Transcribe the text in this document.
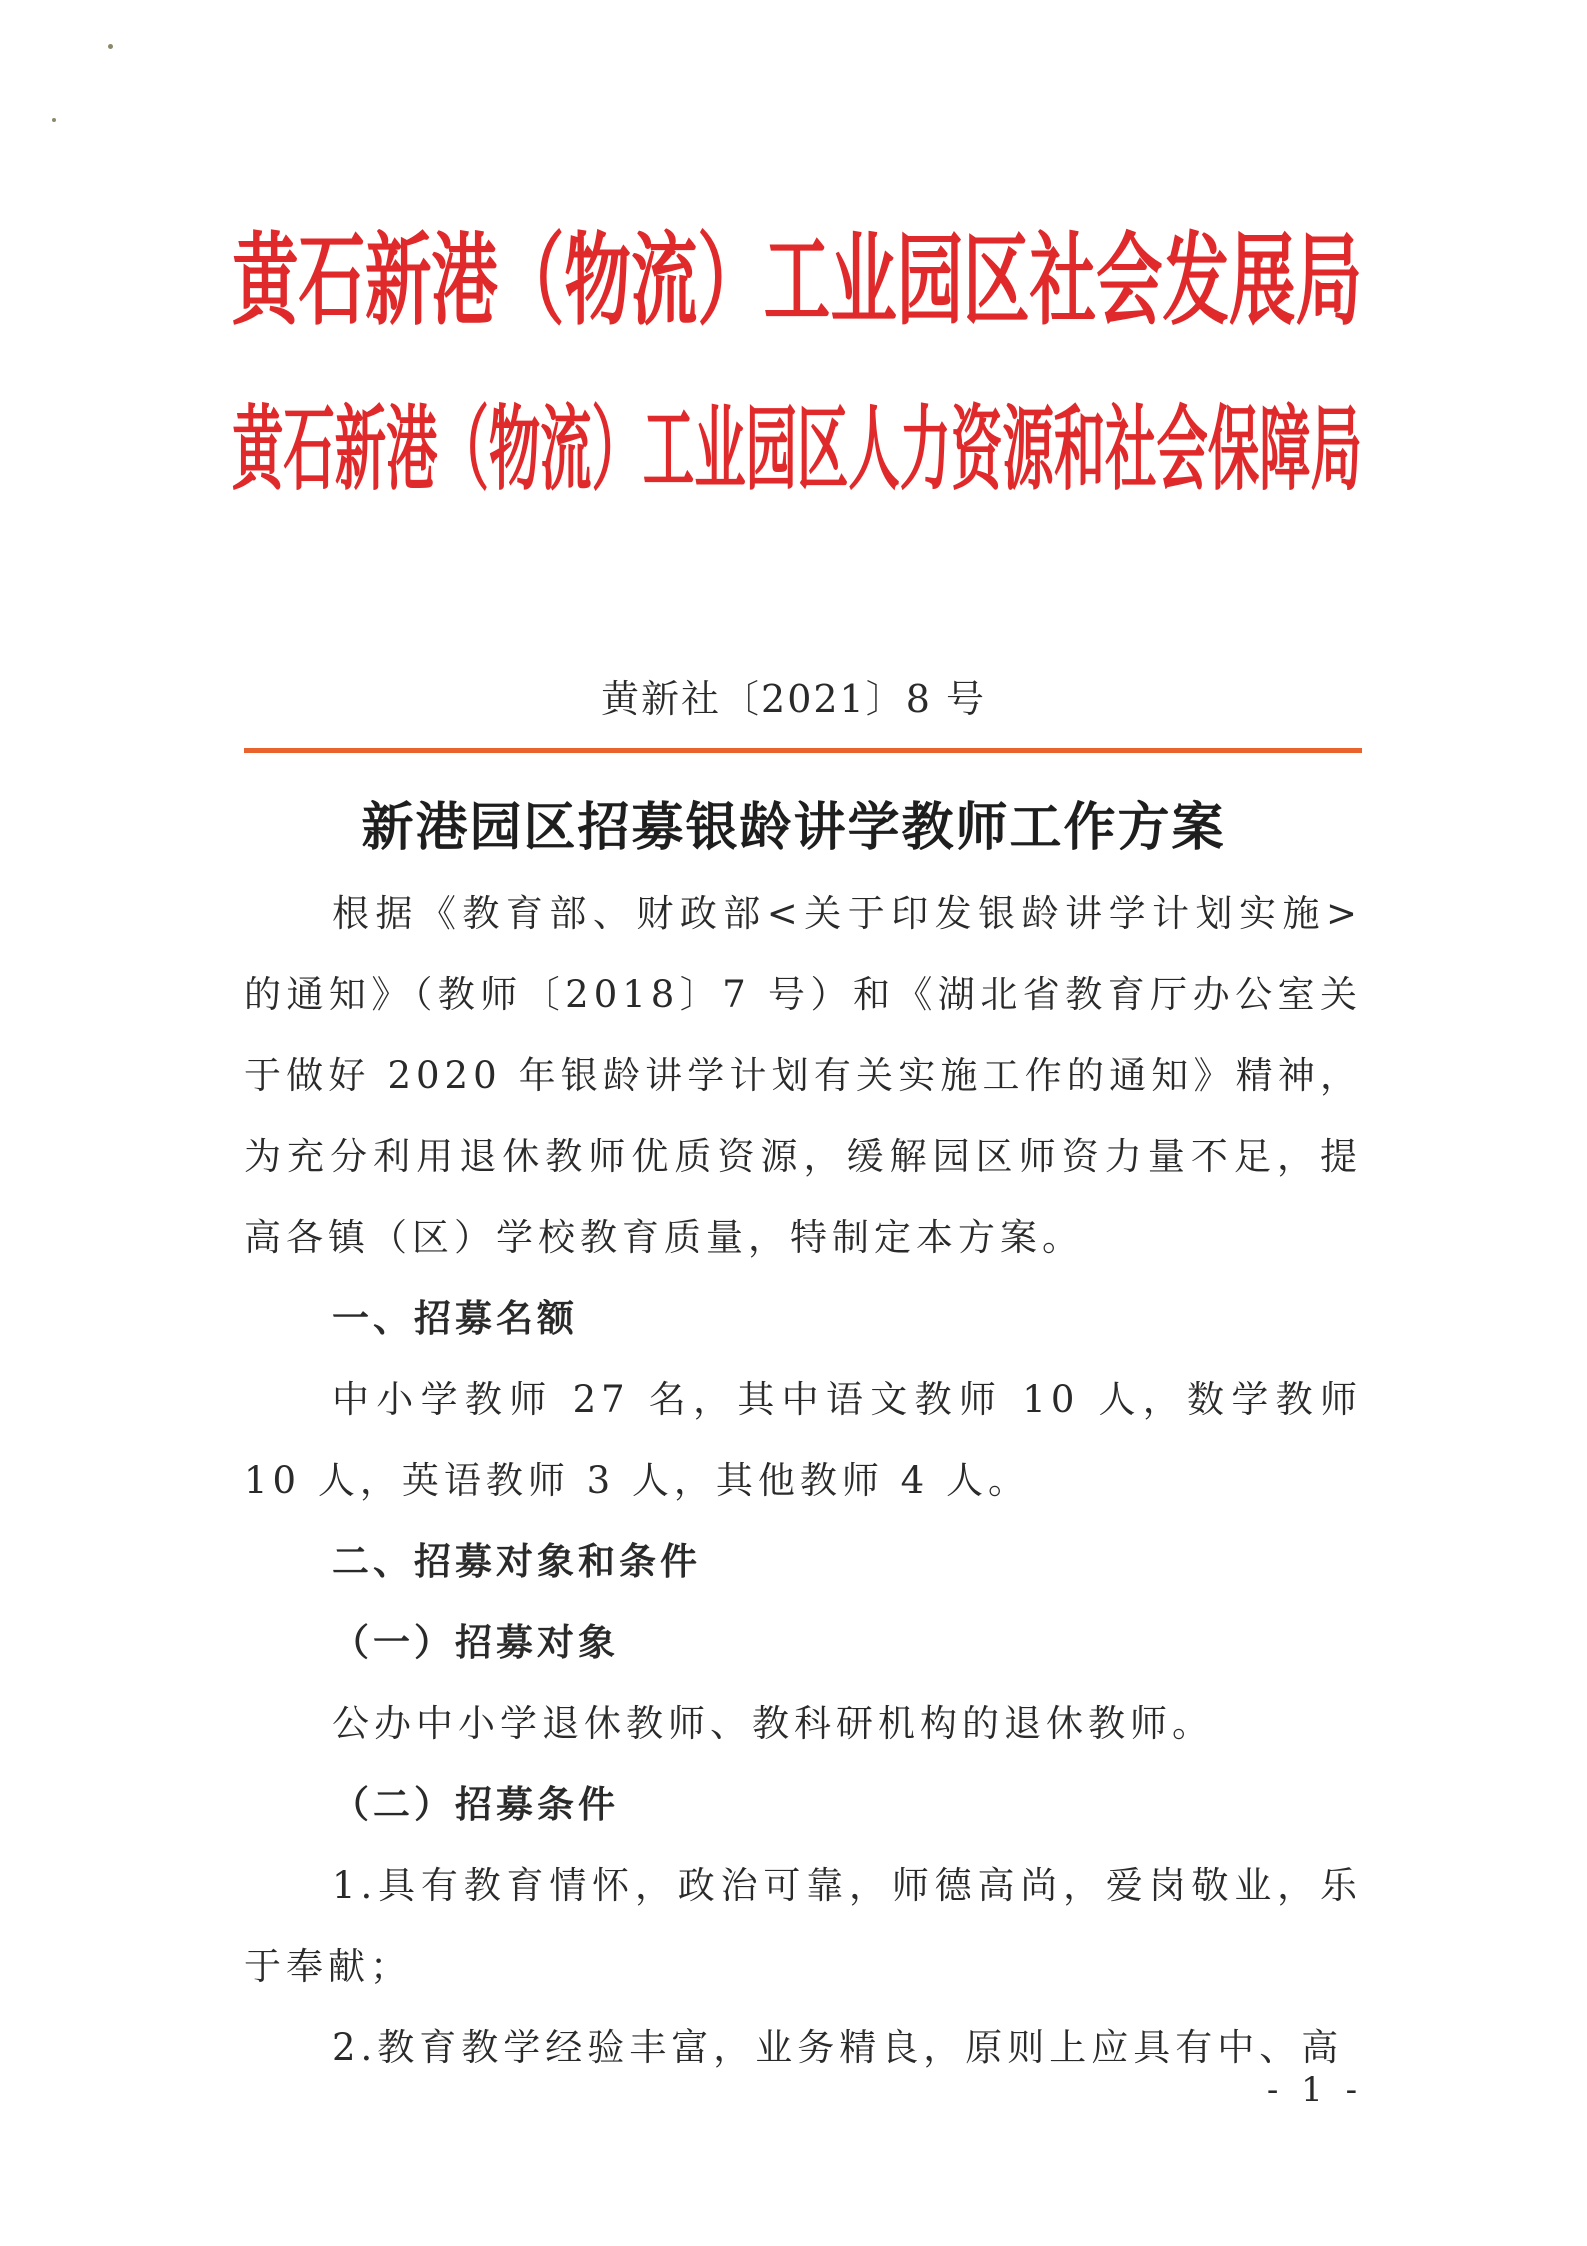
黄石新港（物流）工业园区社会发展局
黄石新港（物流）工业园区人力资源和社会保障局
黄新社〔2021〕8 号
新港园区招募银龄讲学教师工作方案

根据《教育部、财政部<关于印发银龄讲学计划实施>的通知》（教师〔2018〕7 号）和《湖北省教育厅办公室关于做好 2020 年银龄讲学计划有关实施工作的通知》精神，为充分利用退休教师优质资源，缓解园区师资力量不足，提高各镇（区）学校教育质量，特制定本方案。

一、招募名额

中小学教师 27 名，其中语文教师 10 人，数学教师 10 人，英语教师 3 人，其他教师 4 人。

二、招募对象和条件

（一）招募对象

公办中小学退休教师、教科研机构的退休教师。

（二）招募条件

1.具有教育情怀，政治可靠，师德高尚，爱岗敬业，乐于奉献；

2.教育教学经验丰富，业务精良，原则上应具有中、高

- 1 -
